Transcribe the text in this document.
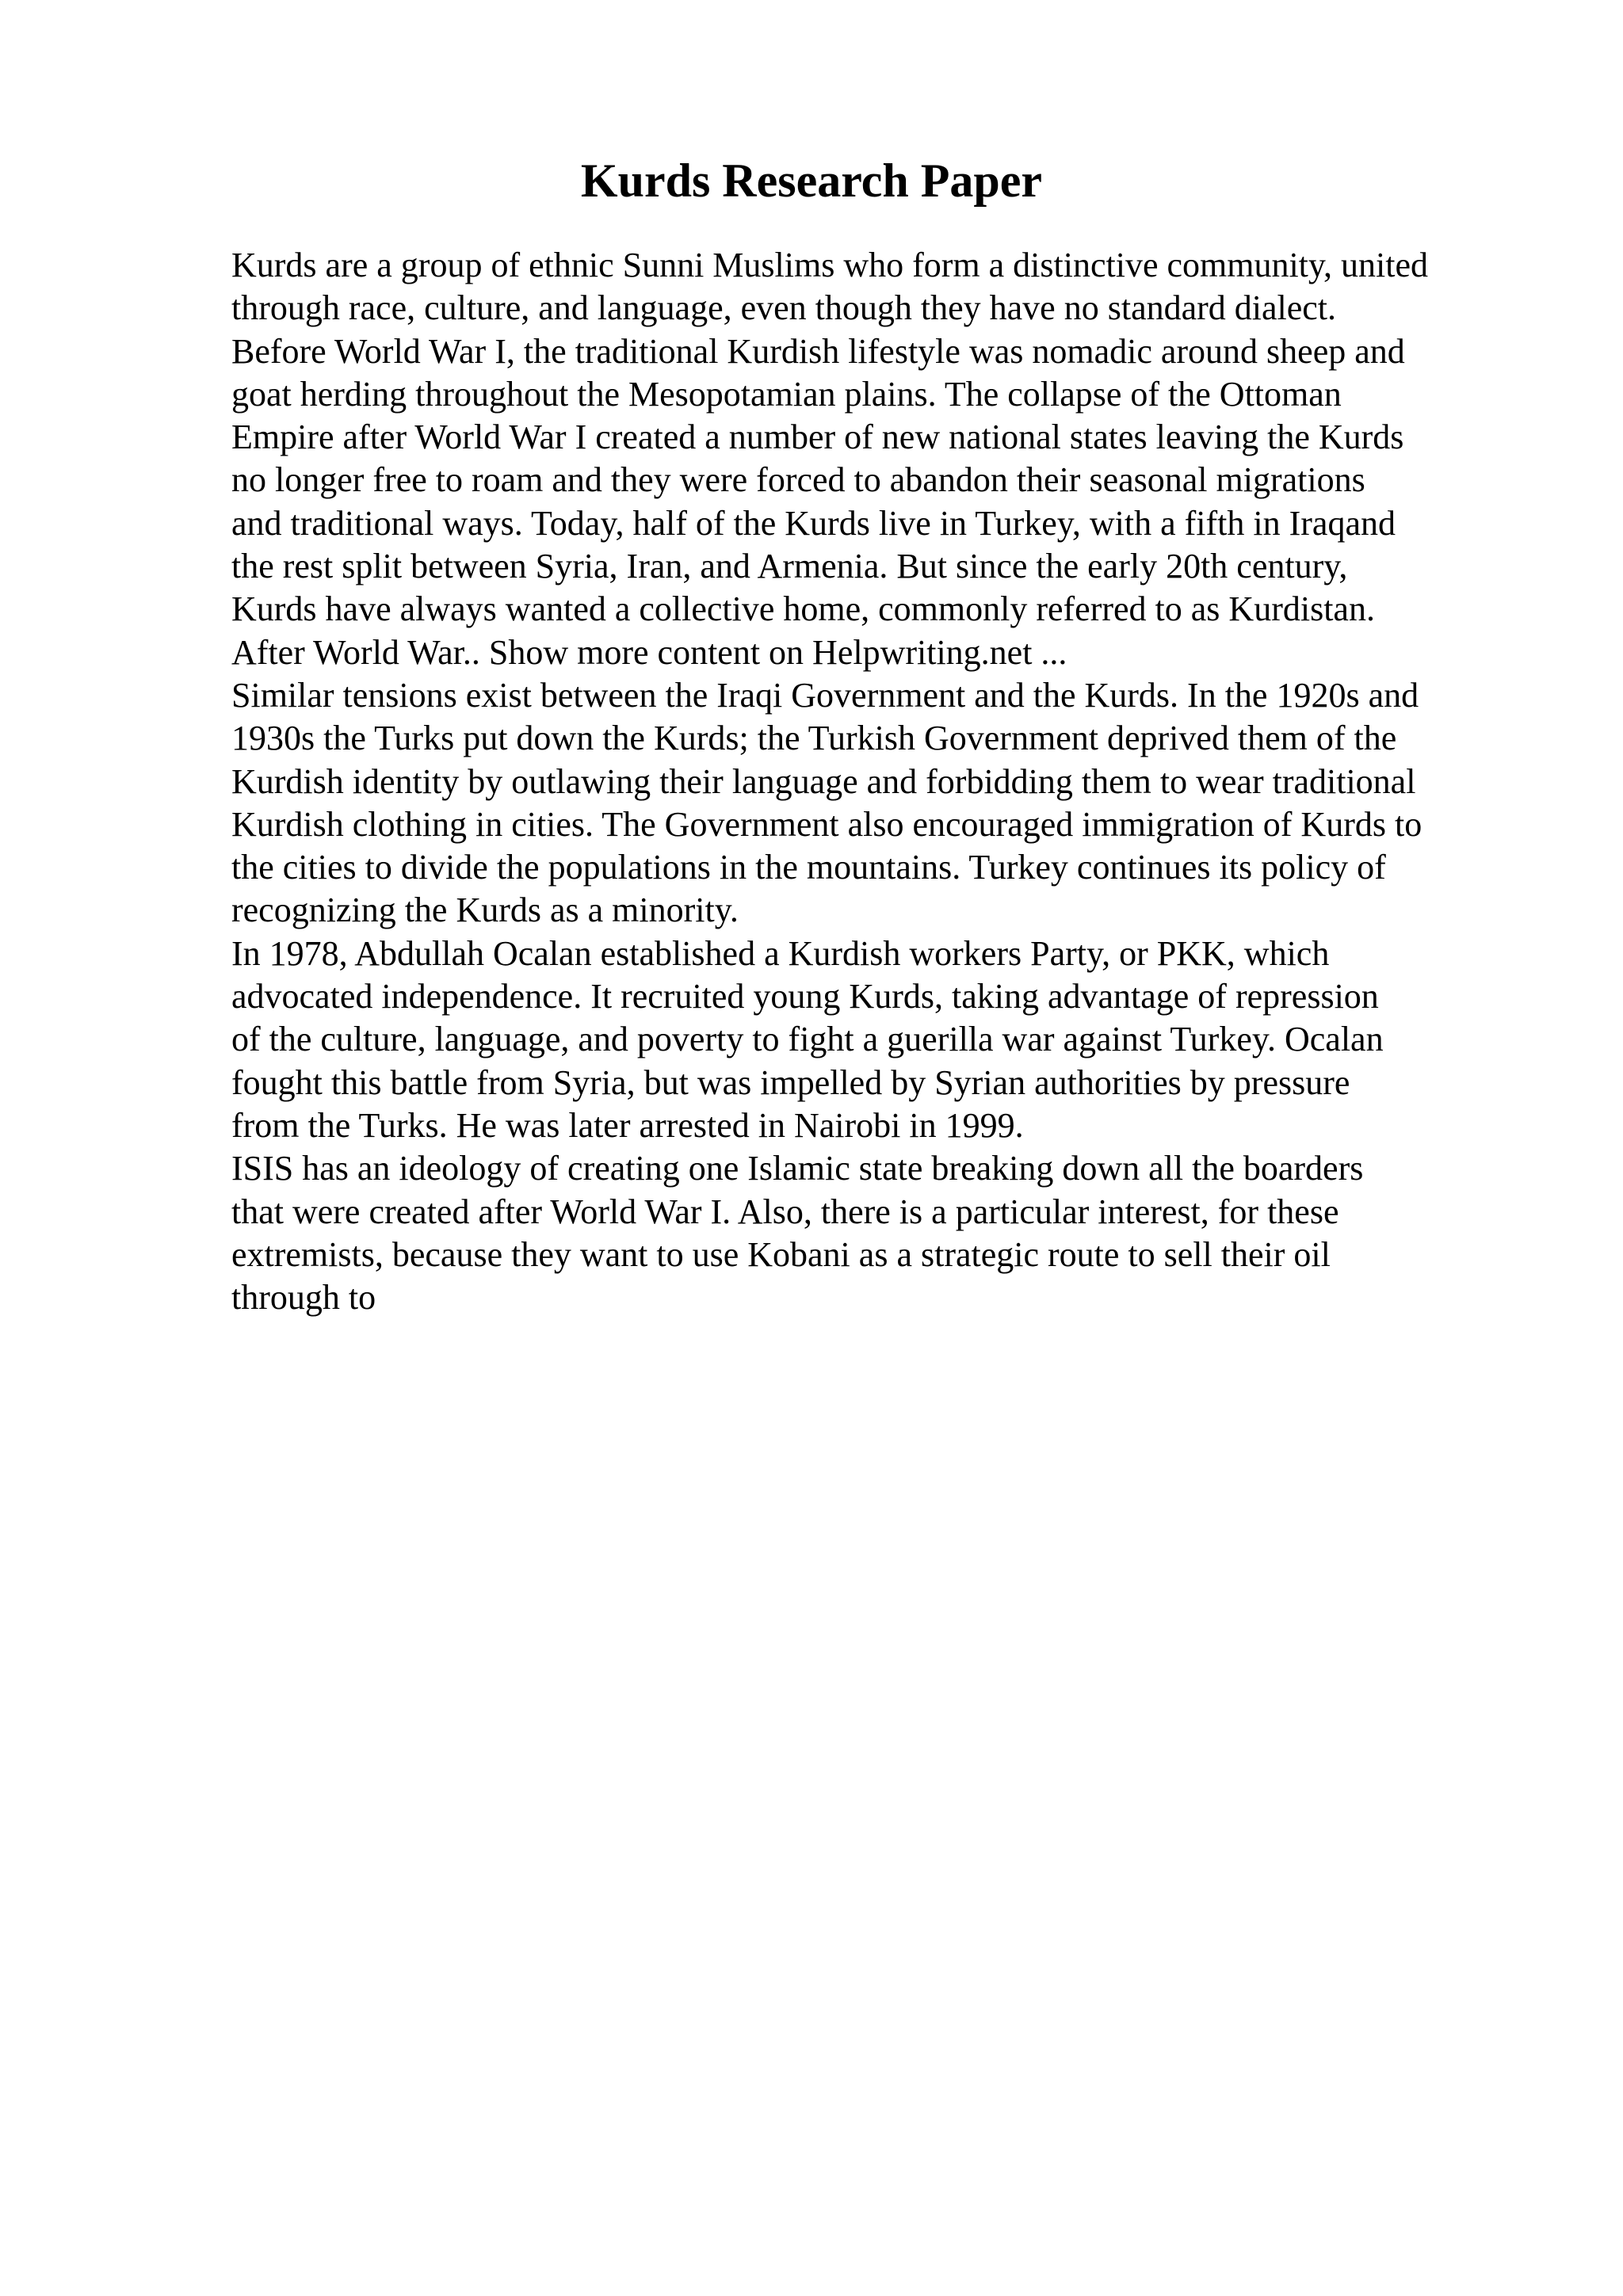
Kurds Research Paper
Kurds are a group of ethnic Sunni Muslims who form a distinctive community, united
through race, culture, and language, even though they have no standard dialect.
Before World War I, the traditional Kurdish lifestyle was nomadic around sheep and
goat herding throughout the Mesopotamian plains. The collapse of the Ottoman
Empire after World War I created a number of new national states leaving the Kurds
no longer free to roam and they were forced to abandon their seasonal migrations
and traditional ways. Today, half of the Kurds live in Turkey, with a fifth in Iraqand
the rest split between Syria, Iran, and Armenia. But since the early 20th century,
Kurds have always wanted a collective home, commonly referred to as Kurdistan.
After World War.. Show more content on Helpwriting.net ...
Similar tensions exist between the Iraqi Government and the Kurds. In the 1920s and
1930s the Turks put down the Kurds; the Turkish Government deprived them of the
Kurdish identity by outlawing their language and forbidding them to wear traditional
Kurdish clothing in cities. The Government also encouraged immigration of Kurds to
the cities to divide the populations in the mountains. Turkey continues its policy of
recognizing the Kurds as a minority.
In 1978, Abdullah Ocalan established a Kurdish workers Party, or PKK, which
advocated independence. It recruited young Kurds, taking advantage of repression
of the culture, language, and poverty to fight a guerilla war against Turkey. Ocalan
fought this battle from Syria, but was impelled by Syrian authorities by pressure
from the Turks. He was later arrested in Nairobi in 1999.
ISIS has an ideology of creating one Islamic state breaking down all the boarders
that were created after World War I. Also, there is a particular interest, for these
extremists, because they want to use Kobani as a strategic route to sell their oil
through to
